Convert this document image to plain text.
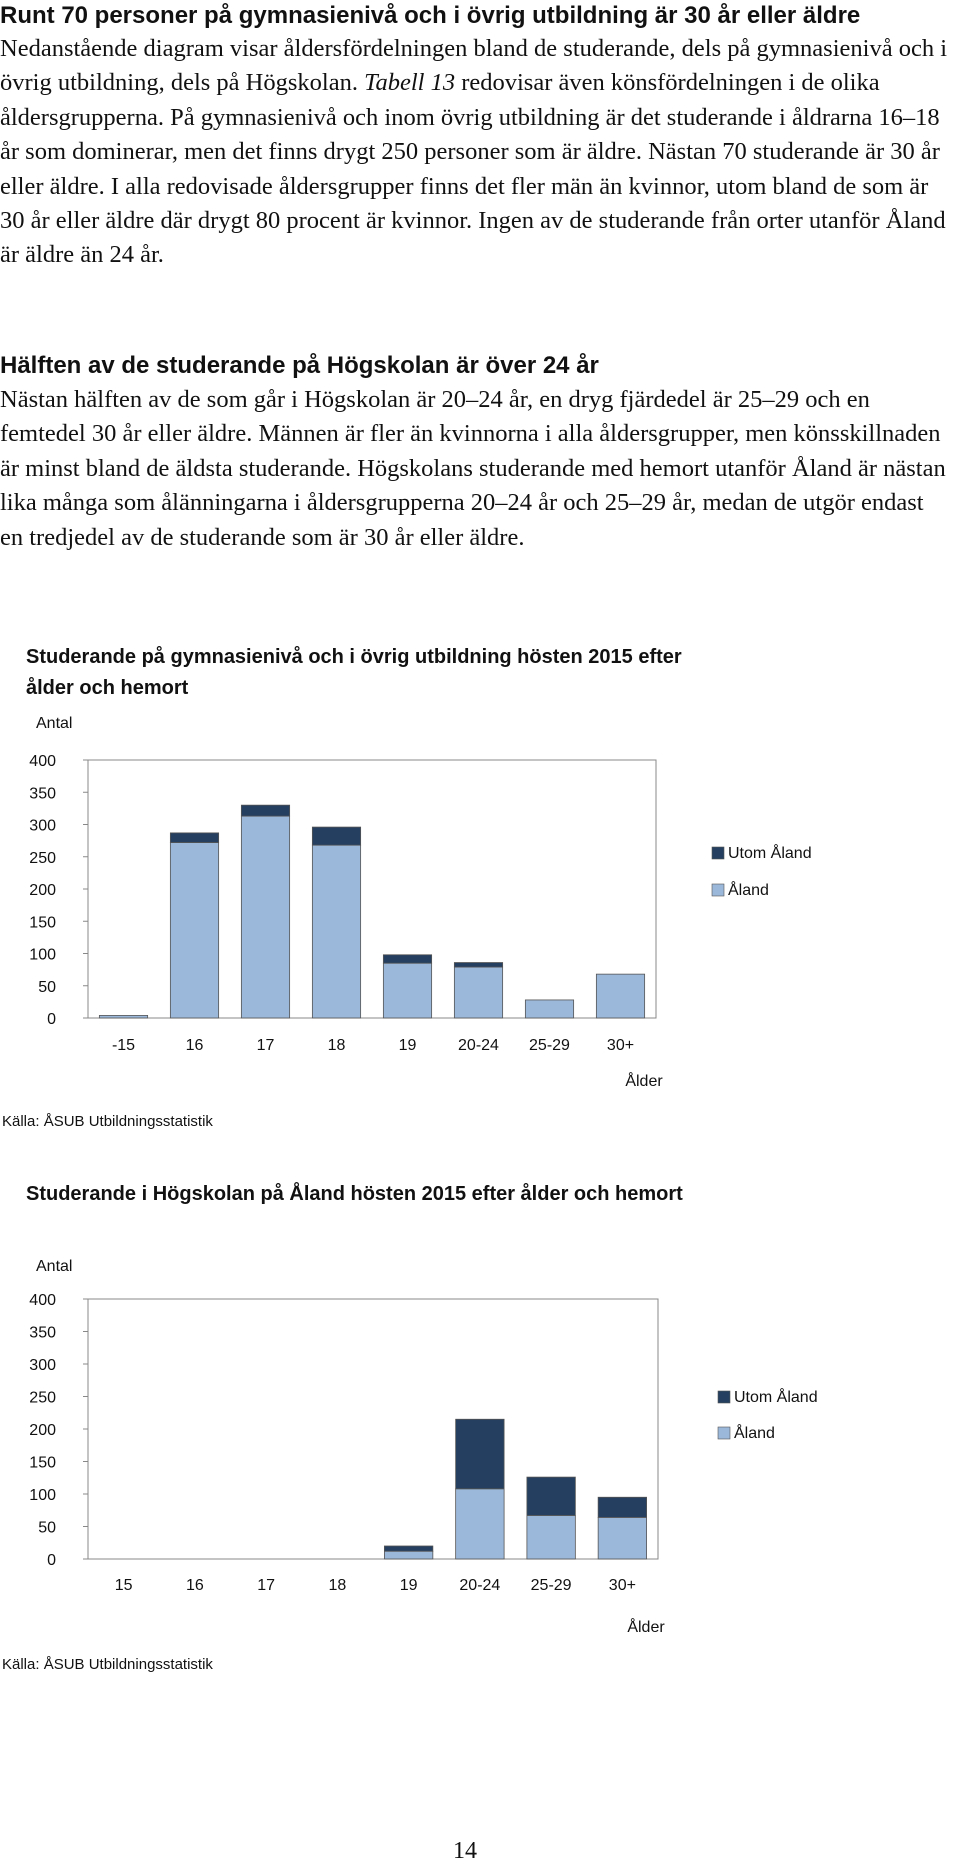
Runt 70 personer på gymnasienivå och i övrig utbildning är 30 år eller äldre

Nedanstående diagram visar åldersfördelningen bland de studerande, dels på gymnasienivå och i övrig utbildning, dels på Högskolan. Tabell 13 redovisar även könsfördelningen i de olika åldersgrupperna. På gymnasienivå och inom övrig utbildning är det studerande i åldrarna 16–18 år som dominerar, men det finns drygt 250 personer som är äldre. Nästan 70 studerande är 30 år eller äldre. I alla redovisade åldersgrupper finns det fler män än kvinnor, utom bland de som är 30 år eller äldre där drygt 80 procent är kvinnor. Ingen av de studerande från orter utanför Åland är äldre än 24 år.

Hälften av de studerande på Högskolan är över 24 år

Nästan hälften av de som går i Högskolan är 20–24 år, en dryg fjärdedel är 25–29 och en femtedel 30 år eller äldre. Männen är fler än kvinnorna i alla åldersgrupper, men könsskillnaden är minst bland de äldsta studerande. Högskolans studerande med hemort utanför Åland är nästan lika många som ålänningarna i åldersgrupperna 20–24 år och 25–29 år, medan de utgör endast en tredjedel av de studerande som är 30 år eller äldre.

Studerande på gymnasienivå och i övrig utbildning hösten 2015 efter ålder och hemort
0
50
100
150
200
250
300
350
400
Antal
-15	16	17	18	19	20-24 25-29 30+
Ålder
Utom Åland
Åland
Källa: ÅSUB Utbildningsstatistik
Studerande i Högskolan på Åland hösten 2015 efter ålder och hemort
0
50
100
150
200
250
300
350
400
Antal
15	16	17	18	19	20-24 25-29 30+
Ålder
Utom Åland
Åland
Källa: ÅSUB Utbildningsstatistik
14
